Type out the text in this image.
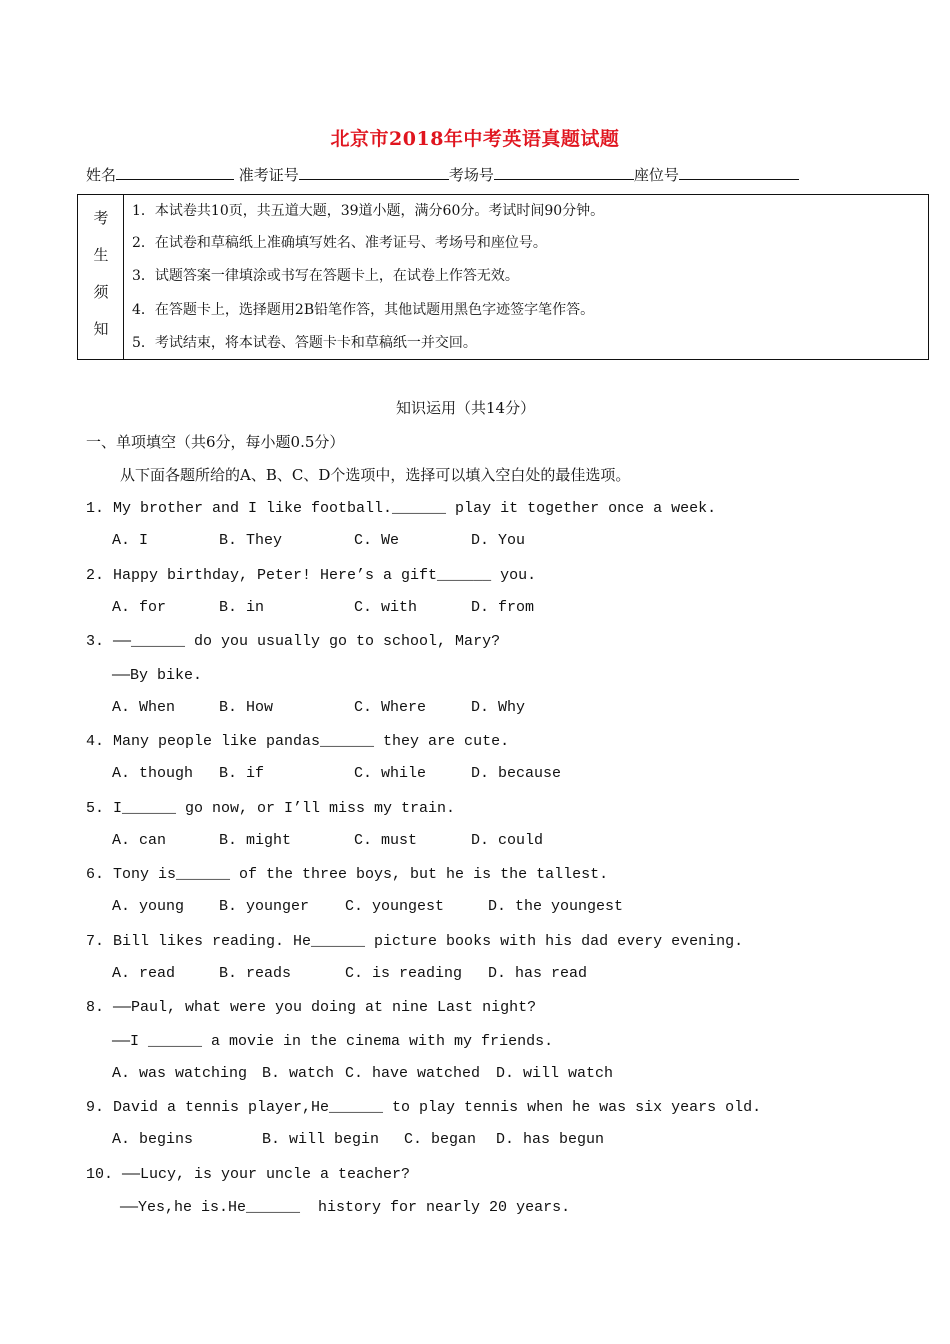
北京市2018年中考英语真题试题
姓名	准考证号	考场号	座位号
考
生
须
知
1．本试卷共10页，共五道大题，39道小题，满分60分。考试时间90分钟。
2．在试卷和草稿纸上准确填写姓名、准考证号、考场号和座位号。
3．试题答案一律填涂或书写在答题卡上，在试卷上作答无效。
4．在答题卡上，选择题用2B铅笔作答，其他试题用黑色字迹签字笔作答。
5．考试结束，将本试卷、答题卡卡和草稿纸一并交回。
知识运用（共14分）
一、单项填空（共6分，每小题0.5分）
从下面各题所给的A、B、C、D个选项中，选择可以填入空白处的最佳选项。
1. My brother and I like football.______ play it together once a week.
A. I	B. They	C. We	D. You
2. Happy birthday, Peter! Here’s a gift______ you.
A. for	B. in	C. with	D. from
3. ——______ do you usually go to school, Mary?
——By bike.
A. When	B. How	C. Where	D. Why
4. Many people like pandas______ they are cute.
A. though B. if	C. while	D. because
5. I______ go now, or I’ll miss my train.
A. can	B. might	C. must	D. could
6. Tony is______ of the three boys, but he is the tallest.
A. young B. younger C. youngest	D. the youngest
7. Bill likes reading. He______ picture books with his dad every evening.
A. read	B. reads	C. is reading D. has read
8. ——Paul, what were you doing at nine Last night?
——I ______ a movie in the cinema with my friends.
A. was watching B. watch C. have watched D. will watch
9. David a tennis player,He______ to play tennis when he was six years old.
A. begins	B. will begin C. began D. has begun
10. ——Lucy, is your uncle a teacher?
——Yes,he is.He______  history for nearly 20 years.
